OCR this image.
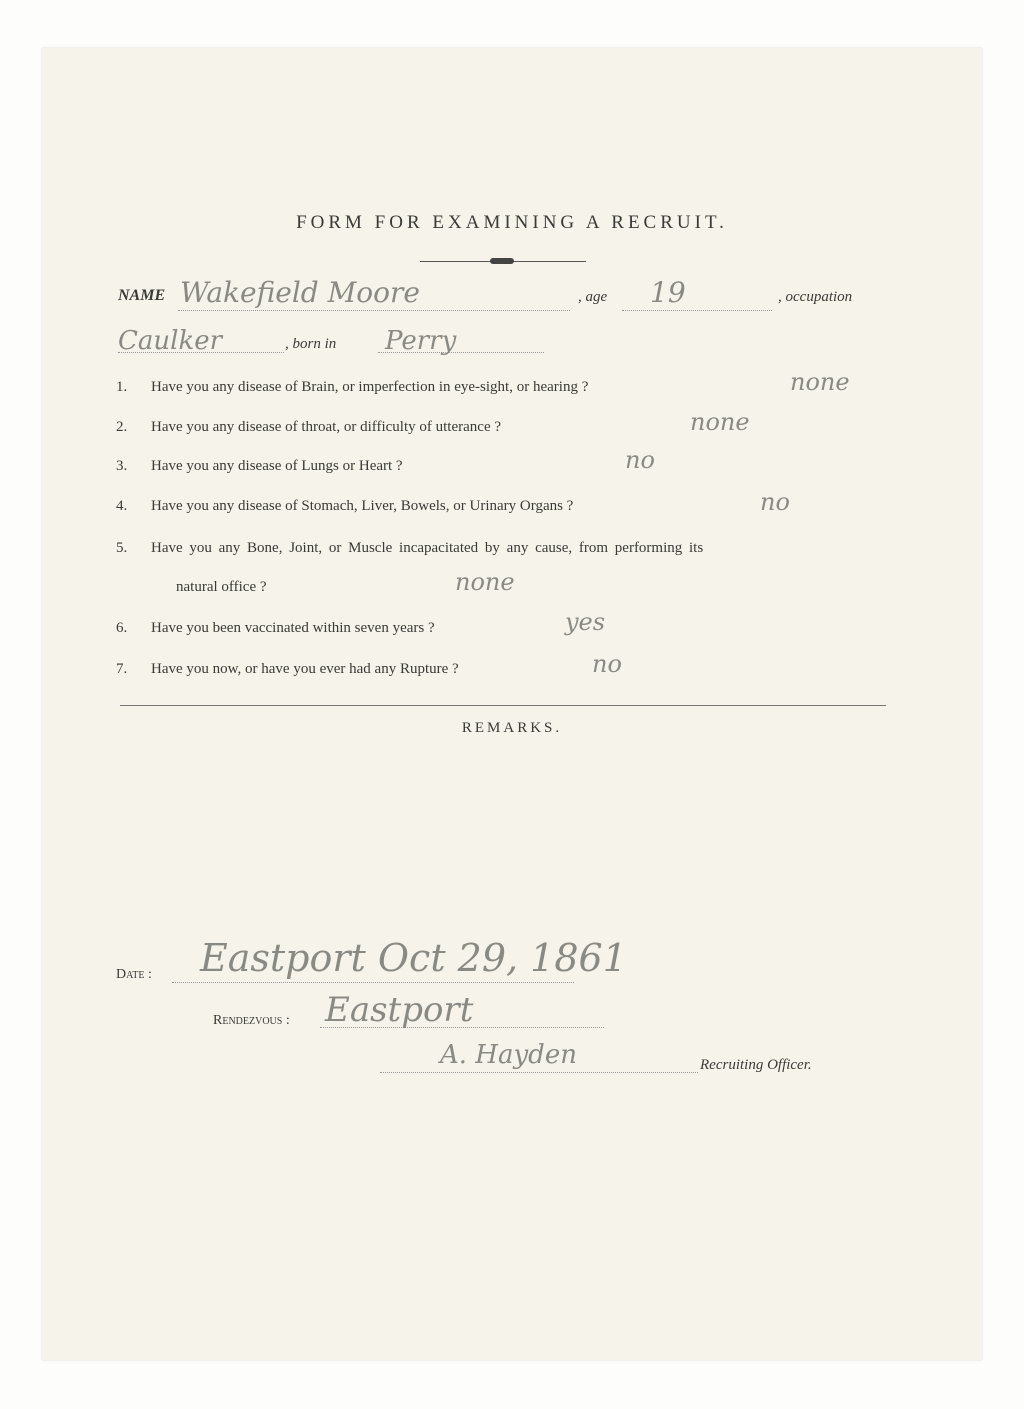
FORM FOR EXAMINING A RECRUIT.
NAME Wakefield Moore	, age 19	, occupation
Caulker	, born in Perry
1. Have you any disease of Brain, or imperfection in eye-sight, or hearing ?	none
2. Have you any disease of throat, or difficulty of utterance ?	none
3. Have you any disease of Lungs or Heart ?	no
4. Have you any disease of Stomach, Liver, Bowels, or Urinary Organs ?	no
5. Have you any Bone, Joint, or Muscle incapacitated by any cause, from performing its
natural office ?	none
6. Have you been vaccinated within seven years ?	yes
7. Have you now, or have you ever had any Rupture ?	no
REMARKS.
Date : Eastport Oct 29, 1861
Rendezvous : Eastport
A. Hayden	Recruiting Officer.
